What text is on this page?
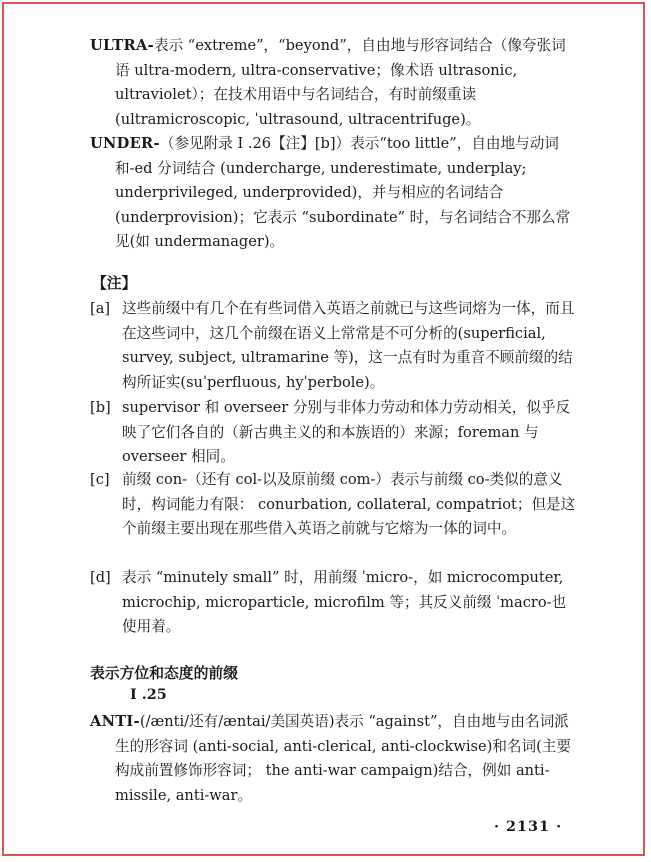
ULTRA-表示 “extreme”，“beyond”，自由地与形容词结合（像夸张词语 ultra-modern, ultra-conservative；像术语 ultrasonic, ultraviolet）；在技术用语中与名词结合，有时前缀重读(ultramicroscopic, ˈultrasound, ultracentrifuge)。
UNDER-（参见附录 I .26【注】[b]）表示“too little”，自由地与动词和-ed 分词结合 (undercharge, underestimate, underplay; underprivileged, underprovided)，并与相应的名词结合(underprovision)；它表示 “subordinate” 时，与名词结合不那么常见(如 undermanager)。
【注】
[a] 这些前缀中有几个在有些词借入英语之前就已与这些词熔为一体，而且在这些词中，这几个前缀在语义上常常是不可分析的(superficial, survey, subject, ultramarine 等)，这一点有时为重音不顾前缀的结构所证实(suˈperfluous, hyˈperbole)。
[b] supervisor 和 overseer 分别与非体力劳动和体力劳动相关，似乎反映了它们各自的（新古典主义的和本族语的）来源；foreman 与 overseer 相同。
[c] 前缀 con-（还有 col-以及原前缀 com-）表示与前缀 co-类似的意义时，构词能力有限： conurbation, collateral, compatriot；但是这个前缀主要出现在那些借入英语之前就与它熔为一体的词中。
[d] 表示 “minutely small” 时，用前缀 ˈmicro-，如 microcomputer, microchip, microparticle, microfilm 等；其反义前缀 ˈmacro-也使用着。
表示方位和态度的前缀
I .25
ANTI-(/ænti/还有/æntai/美国英语)表示 “against”，自由地与由名词派生的形容词 (anti-social, anti-clerical, anti-clockwise)和名词(主要构成前置修饰形容词； the anti-war campaign)结合，例如 anti-missile, anti-war。
· 2131 ·
